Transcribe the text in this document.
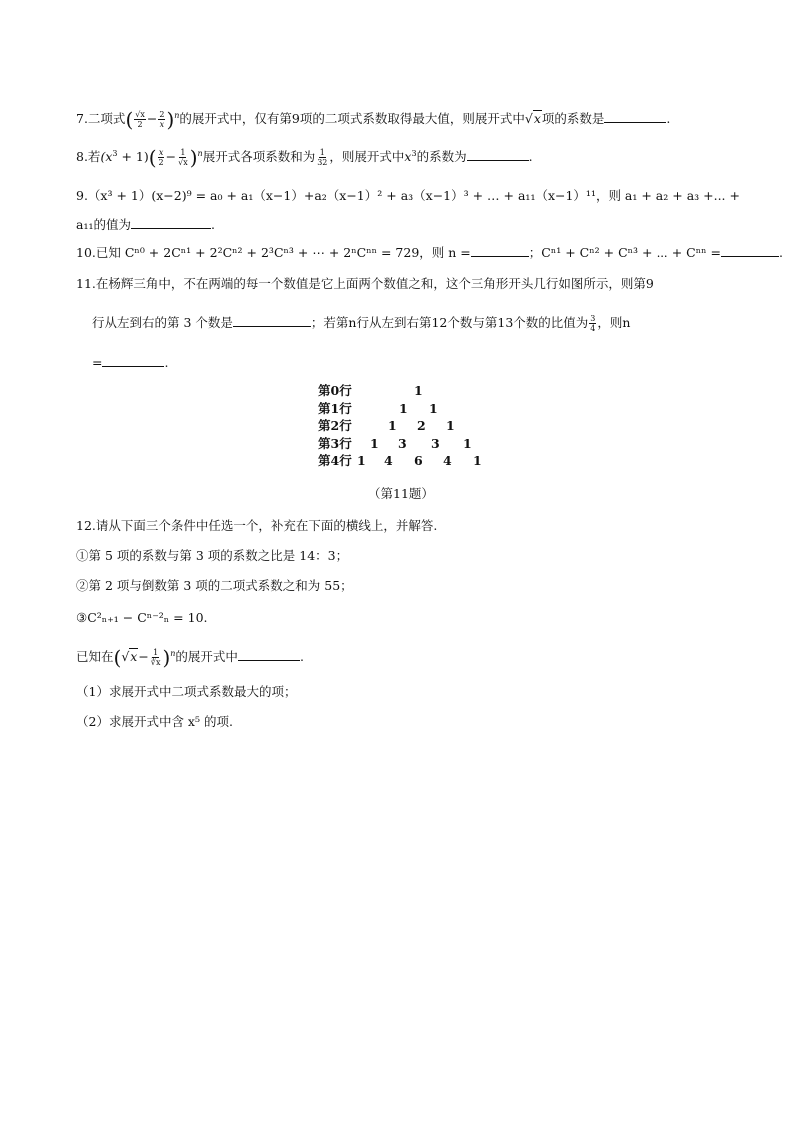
7.二项式( $\frac{√x}{2} - \frac{2}{x} )^n$的展开式中，仅有第9项的二项式系数取得最大值，则展开式中√x项的系数是	.
8.若$(x^3 + 1)( \frac{x}{2} - \frac{1}{√x} )^n$展开式各项系数和为 $\frac{1}{32}$ ，则展开式中$x^3$的系数为	.
9.（x³ + 1）(x−2)⁹ = a₀ + a₁（x−1）+a₂（x−1）² + a₃（x−1）³ + … + a₁₁（x−1）¹¹，则 a₁ + a₂ + a₃ +... +
a₁₁的值为	.
10.已知 Cⁿ⁰ + 2Cⁿ¹ + 2²Cⁿ² + 2³Cⁿ³ + ⋯ + 2ⁿCⁿⁿ = 729，则 n =	；Cⁿ¹ + Cⁿ² + Cⁿ³ + ⋯ + Cⁿⁿ =	.
11.在杨辉三角中，不在两端的每一个数值是它上面两个数值之和，这个三角形开头几行如图所示，则第9
行从左到右的第 3 个数是	；若第n行从左到右第12个数与第13个数的比值为 $\frac{3}{4}$ ，则n
=	.
第0行	1
第1行	1 1
第2行	1 2 1
第3行 1 3 3 1
第4行 1 4 6 4 1
（第11题）
12.请从下面三个条件中任选一个，补充在下面的横线上，并解答.
①第 5 项的系数与第 3 项的系数之比是 14：3；
②第 2 项与倒数第 3 项的二项式系数之和为 55；
③C²ₙ₊₁ − Cⁿ⁻²ₙ = 10.
已知在$(√x- \frac{1}{∛x} )^n$的展开式中	.
（1）求展开式中二项式系数最大的项；
（2）求展开式中含 x⁵ 的项.
